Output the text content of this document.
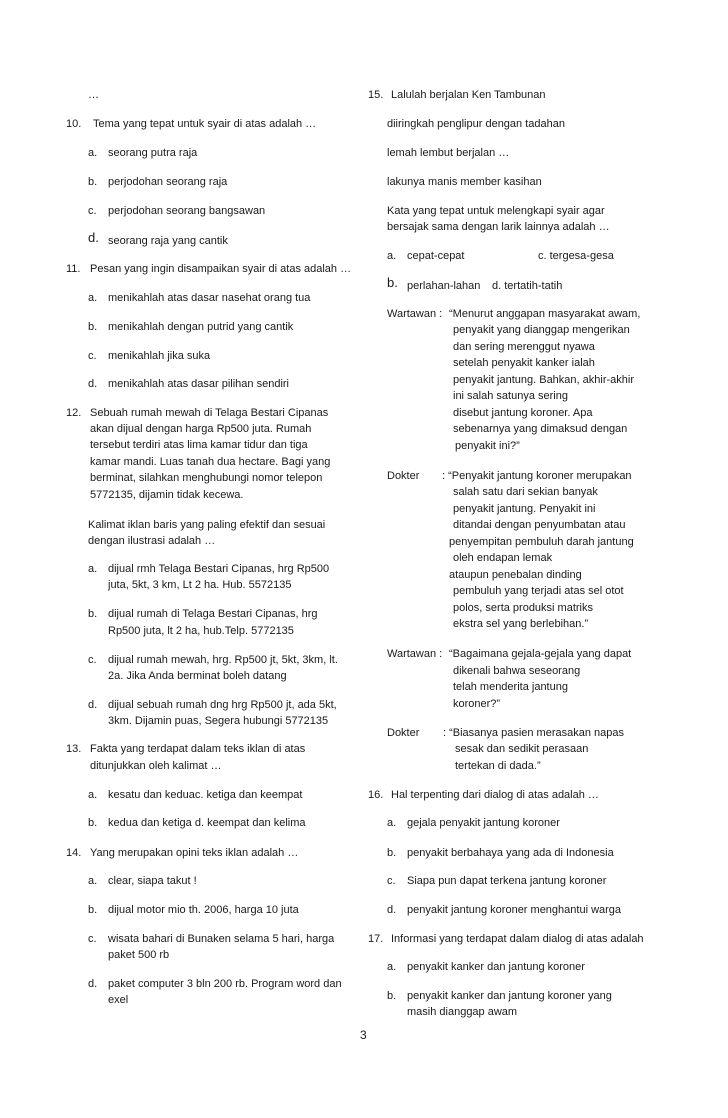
…
10. Tema yang tepat untuk syair di atas adalah …
a. seorang putra raja
b. perjodohan seorang raja
c. perjodohan seorang bangsawan
d. seorang raja yang cantik
11. Pesan yang ingin disampaikan syair di atas adalah …
a. menikahlah atas dasar nasehat orang tua
b. menikahlah dengan putrid yang cantik
c. menikahlah jika suka
d. menikahlah atas dasar pilihan sendiri
12. Sebuah rumah mewah di Telaga Bestari Cipanas
akan dijual dengan harga Rp500 juta. Rumah
tersebut terdiri atas lima kamar tidur dan tiga
kamar mandi. Luas tanah dua hectare. Bagi yang
berminat, silahkan menghubungi nomor telepon
5772135, dijamin tidak kecewa.
Kalimat iklan baris yang paling efektif dan sesuai
dengan ilustrasi adalah …
a. dijual rmh Telaga Bestari Cipanas, hrg Rp500
juta, 5kt, 3 km, Lt 2 ha. Hub. 5572135
b. dijual rumah di Telaga Bestari Cipanas, hrg
Rp500 juta, lt 2 ha, hub.Telp. 5772135
c. dijual rumah mewah, hrg. Rp500 jt, 5kt, 3km, lt.
2a. Jika Anda berminat boleh datang
d. dijual sebuah rumah dng hrg Rp500 jt, ada 5kt,
3km. Dijamin puas, Segera hubungi 5772135
13. Fakta yang terdapat dalam teks iklan di atas
ditunjukkan oleh kalimat …
a. kesatu dan keduac. ketiga dan keempat
b. kedua dan ketiga d. keempat dan kelima
14. Yang merupakan opini teks iklan adalah …
a. clear, siapa takut !
b. dijual motor mio th. 2006, harga 10 juta
c. wisata bahari di Bunaken selama 5 hari, harga
paket 500 rb
d. paket computer 3 bln 200 rb. Program word dan
exel
15. Lalulah berjalan Ken Tambunan
diiringkah penglipur dengan tadahan
lemah lembut berjalan …
lakunya manis member kasihan
Kata yang tepat untuk melengkapi syair agar
bersajak sama dengan larik lainnya adalah …
a. cepat-cepat	c. tergesa-gesa
b. perlahan-lahan d. tertatih-tatih
Wartawan : “Menurut anggapan masyarakat awam,
penyakit yang dianggap mengerikan
dan sering merenggut nyawa
setelah penyakit kanker ialah
penyakit jantung. Bahkan, akhir-akhir
ini salah satunya sering
disebut jantung koroner. Apa
sebenarnya yang dimaksud dengan
penyakit ini?”
Dokter : “Penyakit jantung koroner merupakan
salah satu dari sekian banyak
penyakit jantung. Penyakit ini
ditandai dengan penyumbatan atau
penyempitan pembuluh darah jantung
oleh endapan lemak
ataupun penebalan dinding
pembuluh yang terjadi atas sel otot
polos, serta produksi matriks
ekstra sel yang berlebihan.”
Wartawan : “Bagaimana gejala-gejala yang dapat
dikenali bahwa seseorang
telah menderita jantung
koroner?”
Dokter : “Biasanya pasien merasakan napas
sesak dan sedikit perasaan
tertekan di dada.”
16. Hal terpenting dari dialog di atas adalah …
a. gejala penyakit jantung koroner
b. penyakit berbahaya yang ada di Indonesia
c. Siapa pun dapat terkena jantung koroner
d. penyakit jantung koroner menghantui warga
17. Informasi yang terdapat dalam dialog di atas adalah
a. penyakit kanker dan jantung koroner
b. penyakit kanker dan jantung koroner yang
masih dianggap awam
3
